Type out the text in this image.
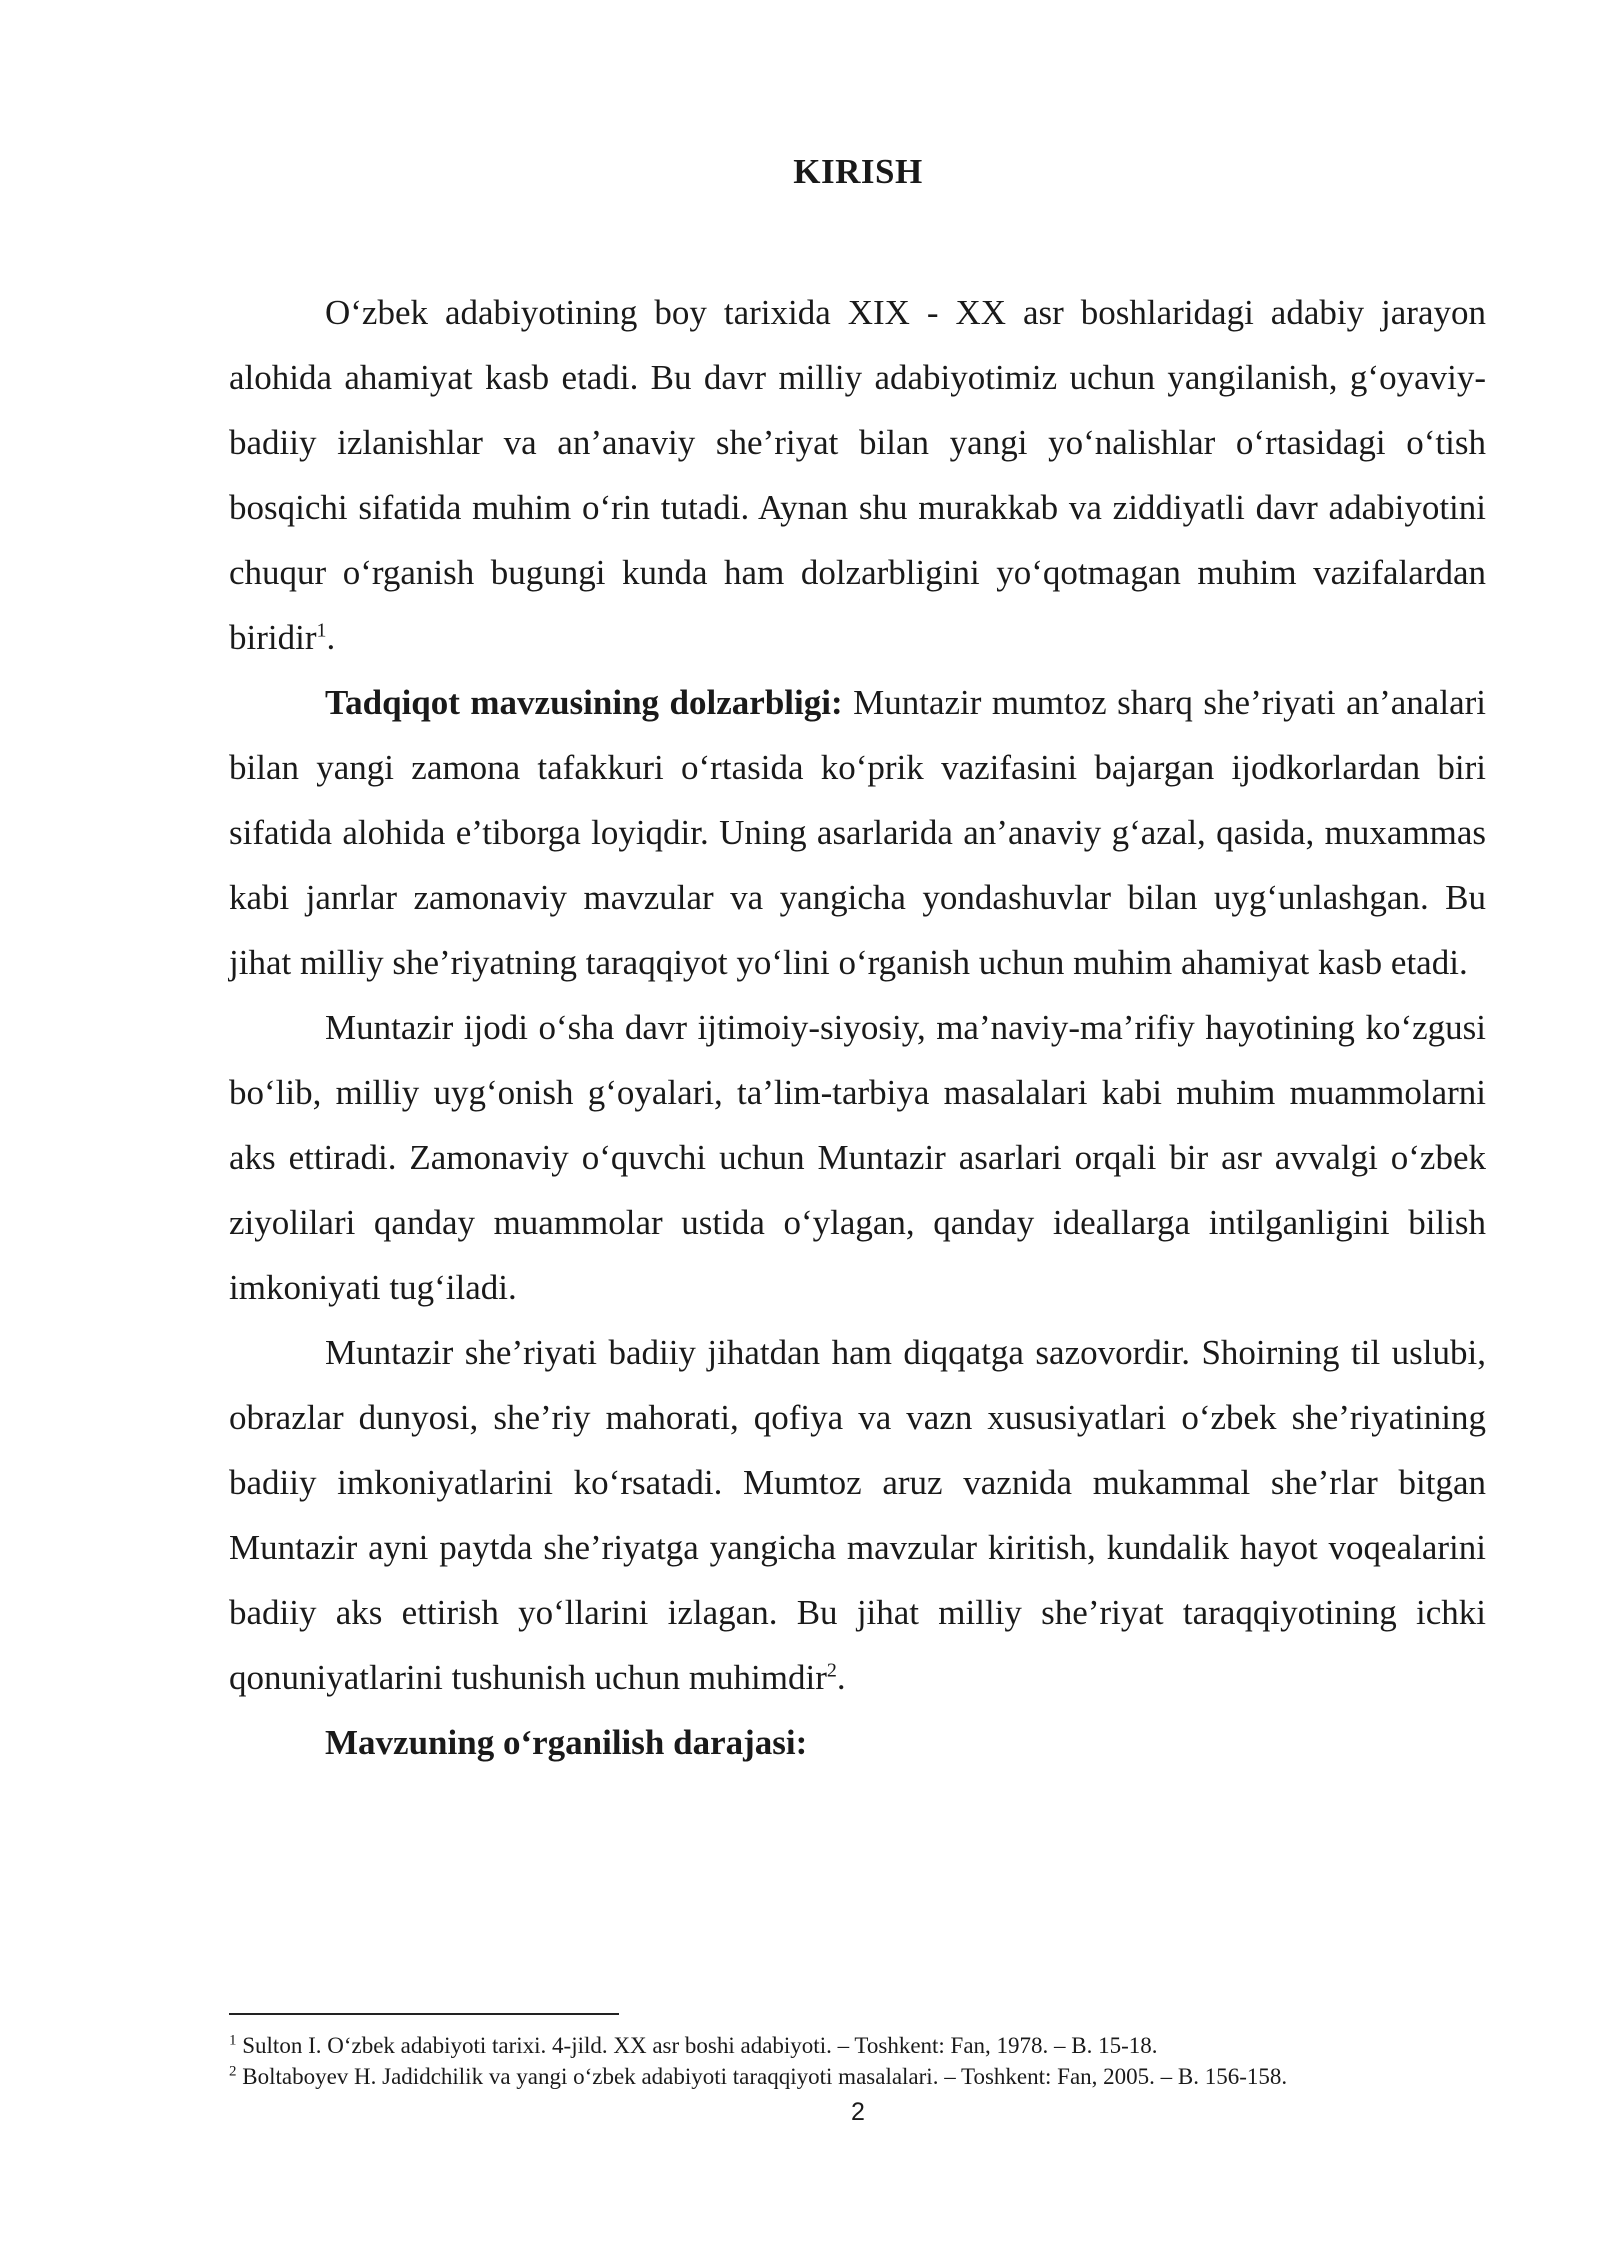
KIRISH

O‘zbek adabiyotining boy tarixida XIX - XX asr boshlaridagi adabiy jarayon alohida ahamiyat kasb etadi. Bu davr milliy adabiyotimiz uchun yangilanish, g‘oyaviy-badiiy izlanishlar va an’anaviy she’riyat bilan yangi yo‘nalishlar o‘rtasidagi o‘tish bosqichi sifatida muhim o‘rin tutadi. Aynan shu murakkab va ziddiyatli davr adabiyotini chuqur o‘rganish bugungi kunda ham dolzarbligini yo‘qotmagan muhim vazifalardan biridir$^1$.

Tadqiqot mavzusining dolzarbligi: Muntazir mumtoz sharq she’riyati an’analari bilan yangi zamona tafakkuri o‘rtasida ko‘prik vazifasini bajargan ijodkorlardan biri sifatida alohida e’tiborga loyiqdir. Uning asarlarida an’anaviy g‘azal, qasida, muxammas kabi janrlar zamonaviy mavzular va yangicha yondashuvlar bilan uyg‘unlashgan. Bu jihat milliy she’riyatning taraqqiyot yo‘lini o‘rganish uchun muhim ahamiyat kasb etadi.

Muntazir ijodi o‘sha davr ijtimoiy-siyosiy, ma’naviy-ma’rifiy hayotining ko‘zgusi bo‘lib, milliy uyg‘onish g‘oyalari, ta’lim-tarbiya masalalari kabi muhim muammolarni aks ettiradi. Zamonaviy o‘quvchi uchun Muntazir asarlari orqali bir asr avvalgi o‘zbek ziyolilari qanday muammolar ustida o‘ylagan, qanday ideallarga intilganligini bilish imkoniyati tug‘iladi.

Muntazir she’riyati badiiy jihatdan ham diqqatga sazovordir. Shoirning til uslubi, obrazlar dunyosi, she’riy mahorati, qofiya va vazn xususiyatlari o‘zbek she’riyatining badiiy imkoniyatlarini ko‘rsatadi. Mumtoz aruz vaznida mukammal she’rlar bitgan Muntazir ayni paytda she’riyatga yangicha mavzular kiritish, kundalik hayot voqealarini badiiy aks ettirish yo‘llarini izlagan. Bu jihat milliy she’riyat taraqqiyotining ichki qonuniyatlarini tushunish uchun muhimdir$^2$.

Mavzuning o‘rganilish darajasi:

$^1$ Sulton I. O‘zbek adabiyoti tarixi. 4-jild. XX asr boshi adabiyoti. – Toshkent: Fan, 1978. – B. 15-18.

$^2$ Boltaboyev H. Jadidchilik va yangi o‘zbek adabiyoti taraqqiyoti masalalari. – Toshkent: Fan, 2005. – B. 156-158.

2
